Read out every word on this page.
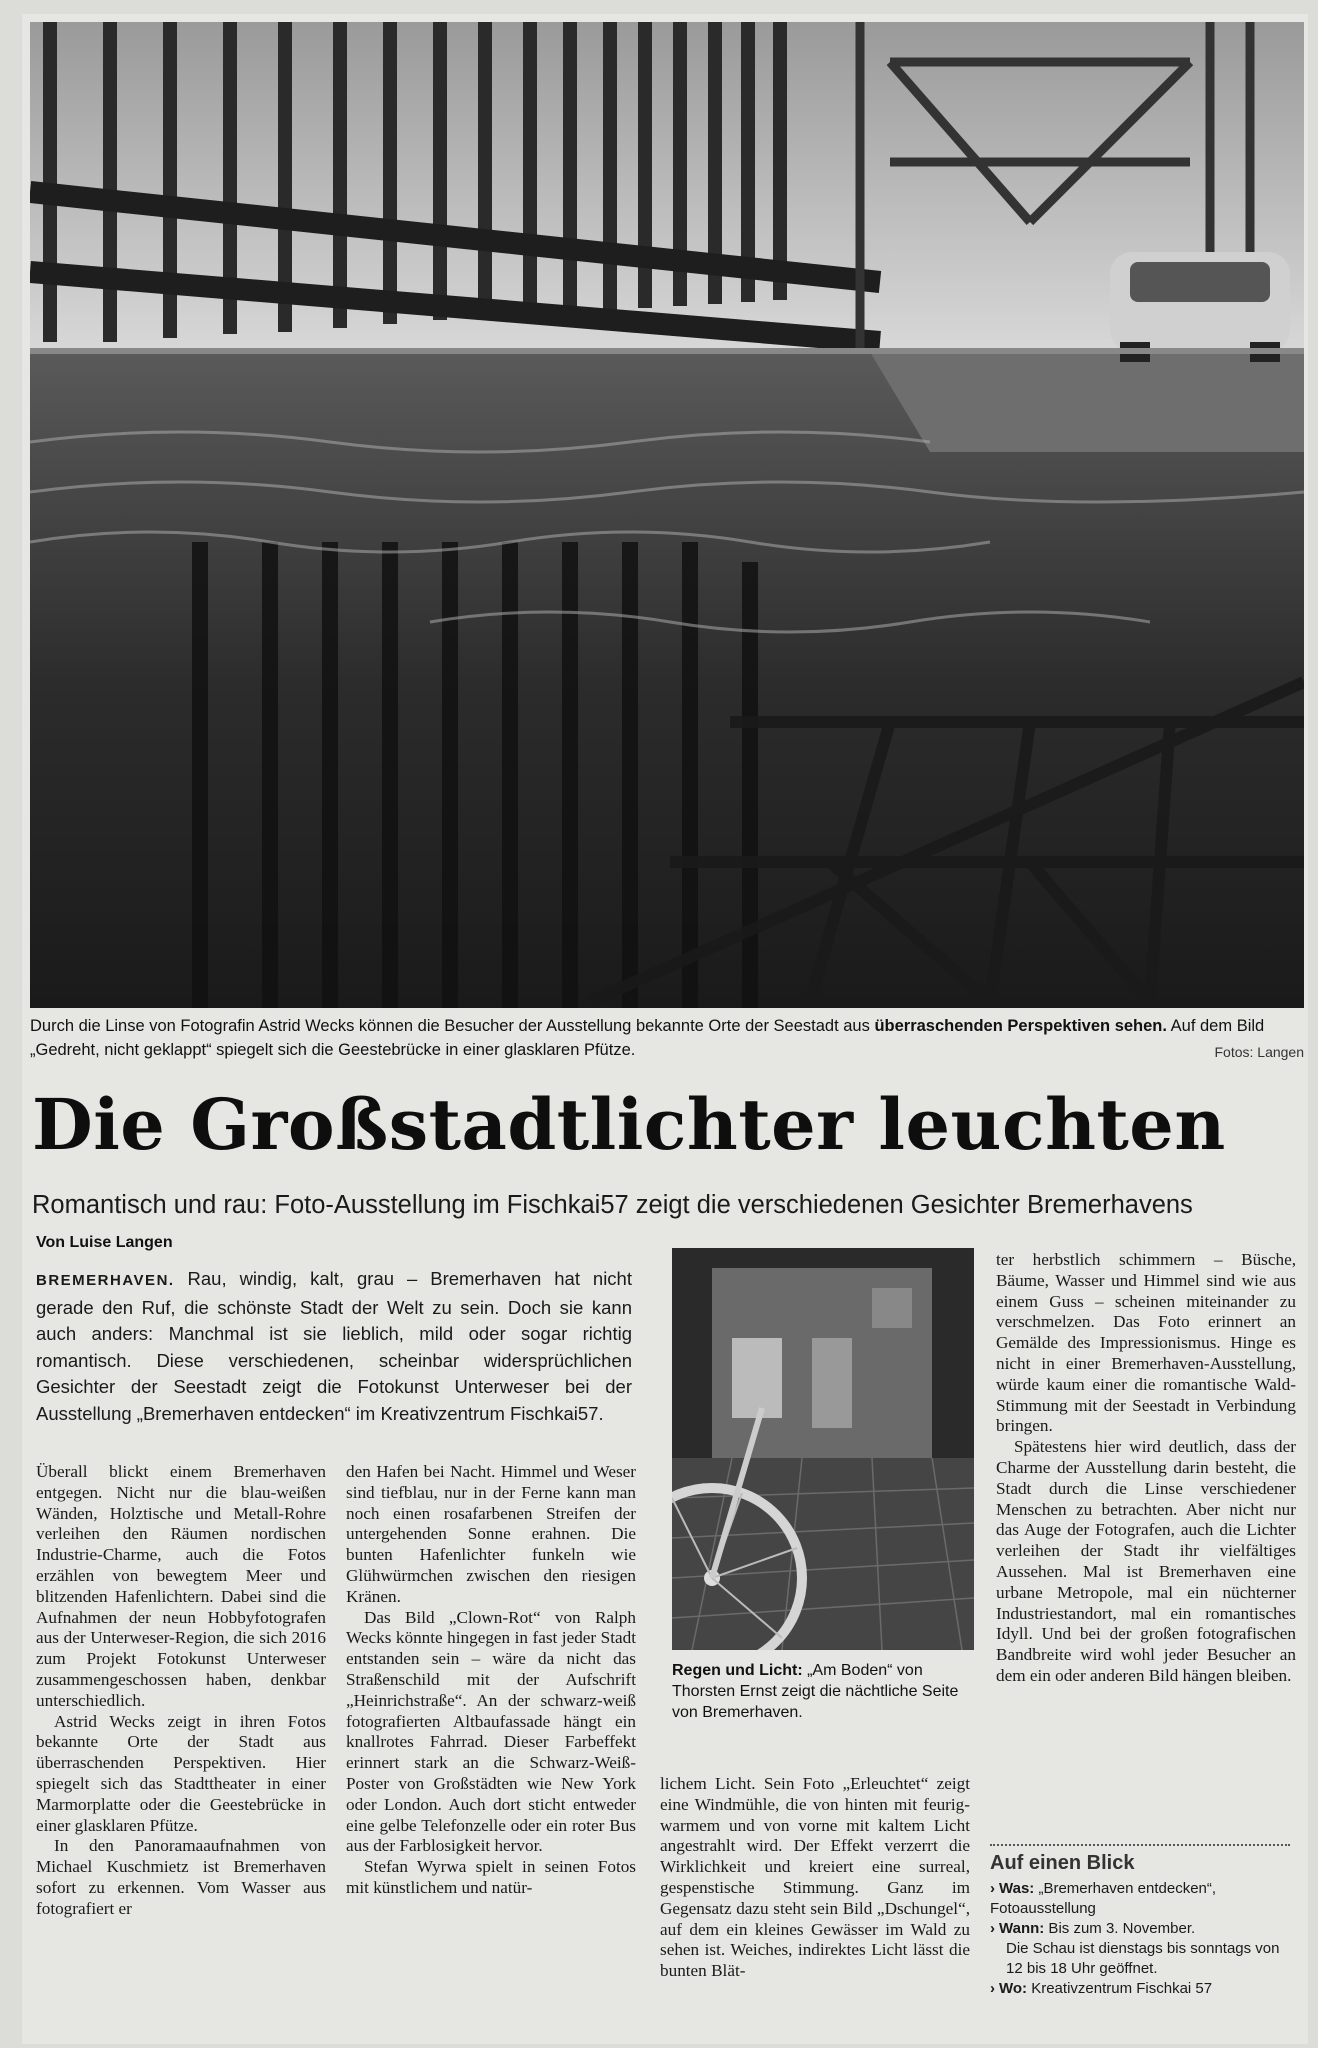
Durch die Linse von Fotografin Astrid Wecks können die Besucher der Ausstellung bekannte Orte der Seestadt aus überraschenden Perspektiven sehen. Auf dem Bild „Gedreht, nicht geklappt“ spiegelt sich die Geestebrücke in einer glasklaren Pfütze.	Fotos: Langen
Die Großstadtlichter leuchten
Romantisch und rau: Foto-Ausstellung im Fischkai57 zeigt die verschiedenen Gesichter Bremerhavens
Von Luise Langen
BREMERHAVEN. Rau, windig, kalt, grau – Bremerhaven hat nicht gerade den Ruf, die schönste Stadt der Welt zu sein. Doch sie kann auch anders: Manchmal ist sie lieblich, mild oder sogar richtig romantisch. Diese verschiedenen, scheinbar widersprüchlichen Gesichter der Seestadt zeigt die Fotokunst Unterweser bei der Ausstellung „Bremerhaven entdecken“ im Kreativzentrum Fischkai57.

Überall blickt einem Bremerhaven entgegen. Nicht nur die blau-weißen Wänden, Holztische und Metall-Rohre verleihen den Räumen nordischen Industrie-Charme, auch die Fotos erzählen von bewegtem Meer und blitzenden Hafenlichtern. Dabei sind die Aufnahmen der neun Hobbyfotografen aus der Unterweser-Region, die sich 2016 zum Projekt Fotokunst Unterweser zusammengeschossen haben, denkbar unterschiedlich.

Astrid Wecks zeigt in ihren Fotos bekannte Orte der Stadt aus überraschenden Perspektiven. Hier spiegelt sich das Stadttheater in einer Marmorplatte oder die Geestebrücke in einer glasklaren Pfütze.

In den Panoramaaufnahmen von Michael Kuschmietz ist Bremerhaven sofort zu erkennen. Vom Wasser aus fotografiert er

den Hafen bei Nacht. Himmel und Weser sind tiefblau, nur in der Ferne kann man noch einen rosafarbenen Streifen der untergehenden Sonne erahnen. Die bunten Hafenlichter funkeln wie Glühwürmchen zwischen den riesigen Kränen.

Das Bild „Clown-Rot“ von Ralph Wecks könnte hingegen in fast jeder Stadt entstanden sein – wäre da nicht das Straßenschild mit der Aufschrift „Heinrichstraße“. An der schwarz-weiß fotografierten Altbaufassade hängt ein knallrotes Fahrrad. Dieser Farbeffekt erinnert stark an die Schwarz-Weiß-Poster von Großstädten wie New York oder London. Auch dort sticht entweder eine gelbe Telefonzelle oder ein roter Bus aus der Farblosigkeit hervor.

Stefan Wyrwa spielt in seinen Fotos mit künstlichem und natür-

Regen und Licht: „Am Boden“ von Thorsten Ernst zeigt die nächtliche Seite von Bremerhaven.

lichem Licht. Sein Foto „Erleuchtet“ zeigt eine Windmühle, die von hinten mit feurig-warmem und von vorne mit kaltem Licht angestrahlt wird. Der Effekt verzerrt die Wirklichkeit und kreiert eine surreal, gespenstische Stimmung. Ganz im Gegensatz dazu steht sein Bild „Dschungel“, auf dem ein kleines Gewässer im Wald zu sehen ist. Weiches, indirektes Licht lässt die bunten Blät-

ter herbstlich schimmern – Büsche, Bäume, Wasser und Himmel sind wie aus einem Guss – scheinen miteinander zu verschmelzen. Das Foto erinnert an Gemälde des Impressionismus. Hinge es nicht in einer Bremerhaven-Ausstellung, würde kaum einer die romantische Wald-Stimmung mit der Seestadt in Verbindung bringen.

Spätestens hier wird deutlich, dass der Charme der Ausstellung darin besteht, die Stadt durch die Linse verschiedener Menschen zu betrachten. Aber nicht nur das Auge der Fotografen, auch die Lichter verleihen der Stadt ihr vielfältiges Aussehen. Mal ist Bremerhaven eine urbane Metropole, mal ein nüchterner Industriestandort, mal ein romantisches Idyll. Und bei der großen fotografischen Bandbreite wird wohl jeder Besucher an dem ein oder anderen Bild hängen bleiben.

Auf einen Blick

› Was: „Bremerhaven entdecken“, Fotoausstellung

› Wann: Bis zum 3. November.
Die Schau ist dienstags bis sonntags von 12 bis 18 Uhr geöffnet.

› Wo: Kreativzentrum Fischkai 57
